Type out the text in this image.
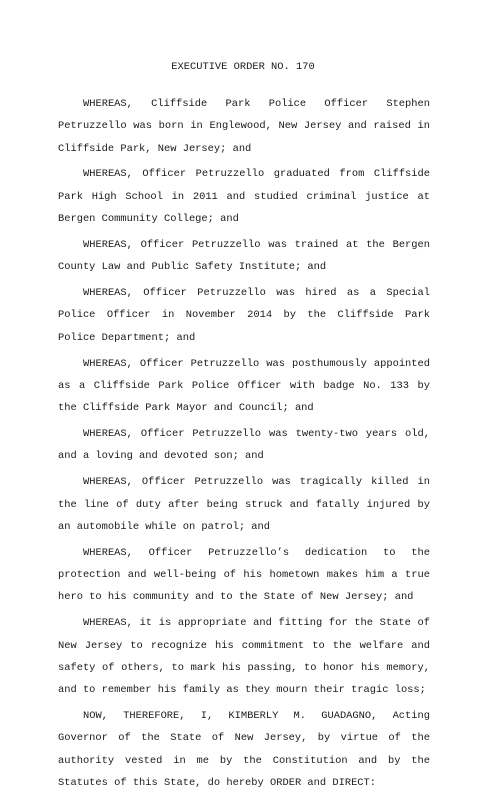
EXECUTIVE ORDER NO. 170

WHEREAS, Cliffside Park Police Officer Stephen Petruzzello was born in Englewood, New Jersey and raised in Cliffside Park, New Jersey; and

WHEREAS, Officer Petruzzello graduated from Cliffside Park High School in 2011 and studied criminal justice at Bergen Community College; and

WHEREAS, Officer Petruzzello was trained at the Bergen County Law and Public Safety Institute; and

WHEREAS, Officer Petruzzello was hired as a Special Police Officer in November 2014 by the Cliffside Park Police Department; and

WHEREAS, Officer Petruzzello was posthumously appointed as a Cliffside Park Police Officer with badge No. 133 by the Cliffside Park Mayor and Council; and

WHEREAS, Officer Petruzzello was twenty-two years old, and a loving and devoted son; and

WHEREAS, Officer Petruzzello was tragically killed in the line of duty after being struck and fatally injured by an automobile while on patrol; and

WHEREAS, Officer Petruzzello’s dedication to the protection and well-being of his hometown makes him a true hero to his community and to the State of New Jersey; and

WHEREAS, it is appropriate and fitting for the State of New Jersey to recognize his commitment to the welfare and safety of others, to mark his passing, to honor his memory, and to remember his family as they mourn their tragic loss;

NOW, THEREFORE, I, KIMBERLY M. GUADAGNO, Acting Governor of the State of New Jersey, by virtue of the authority vested in me by the Constitution and by the Statutes of this State, do hereby ORDER and DIRECT:
